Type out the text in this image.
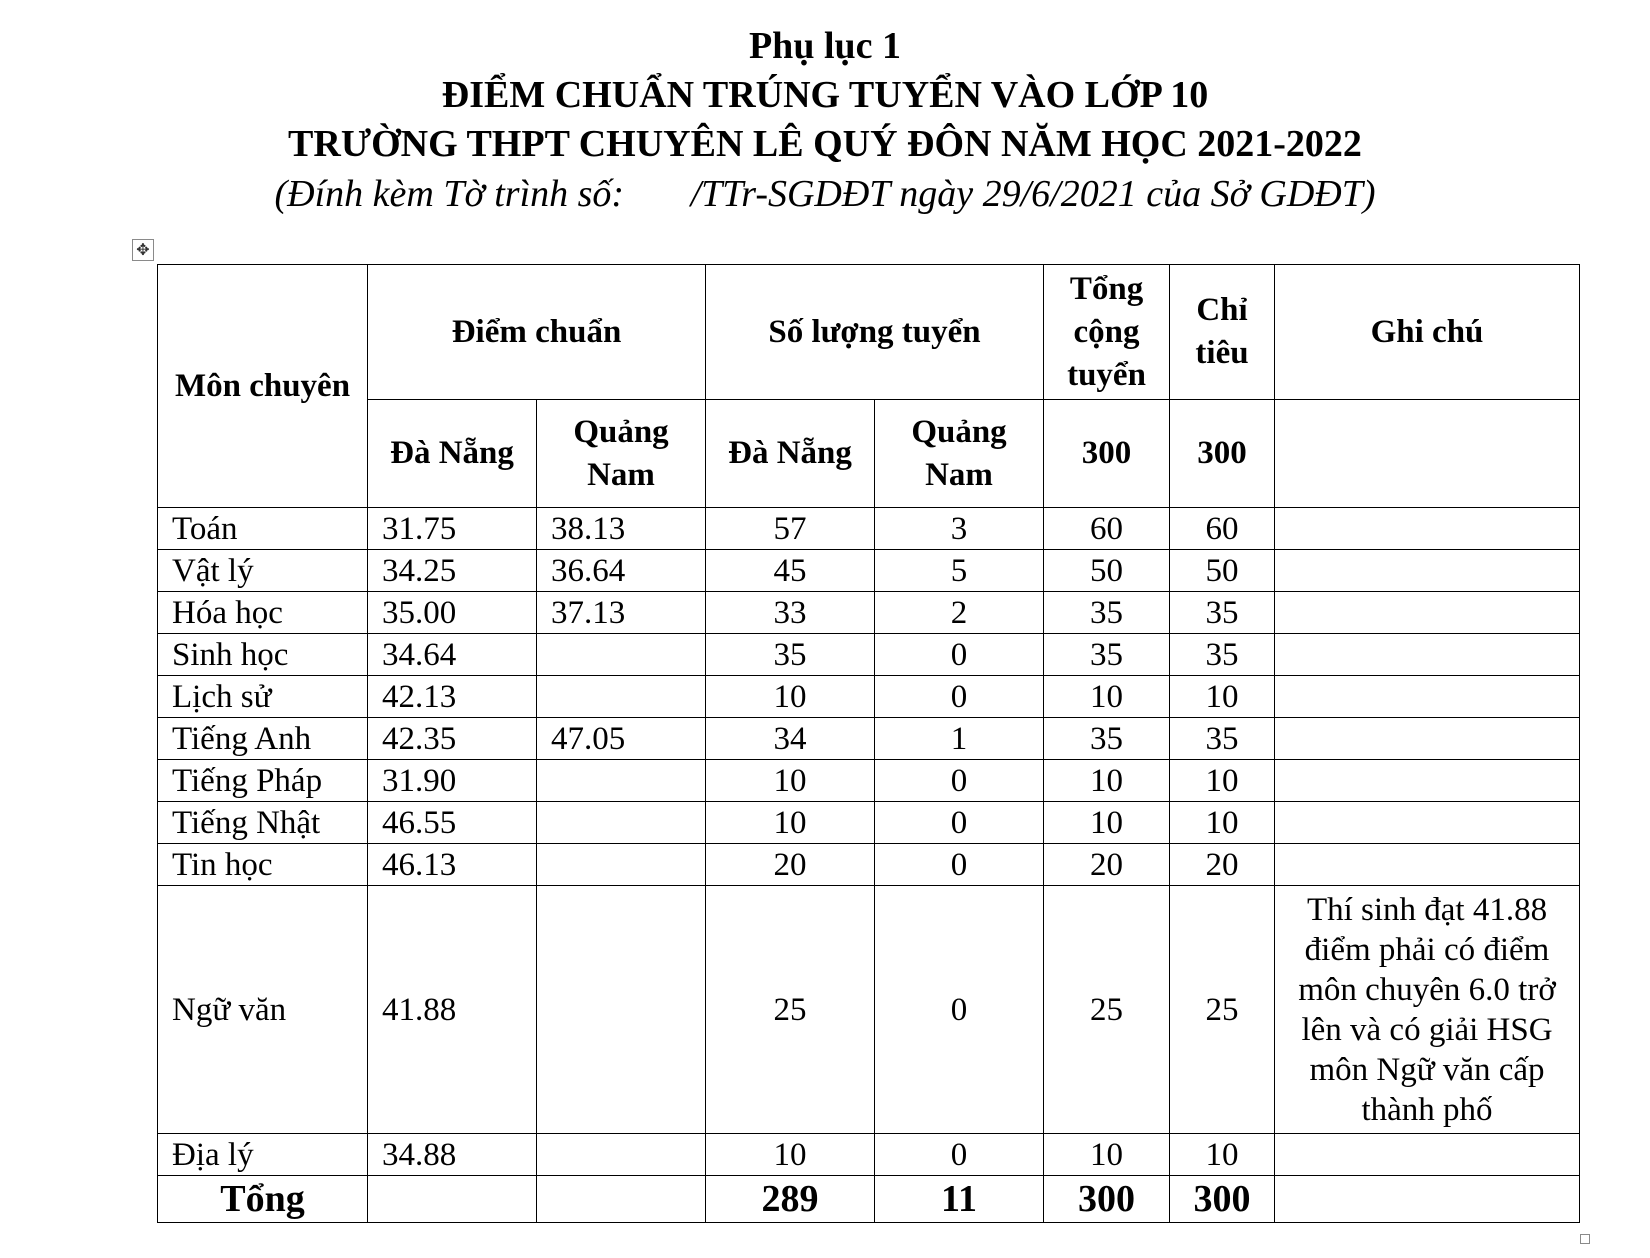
Phụ lục 1
ĐIỂM CHUẨN TRÚNG TUYỂN VÀO LỚP 10
TRƯỜNG THPT CHUYÊN LÊ QUÝ ĐÔN NĂM HỌC 2021-2022
(Đính kèm Tờ trình số:       /TTr-SGDĐT ngày 29/6/2021 của Sở GDĐT)
✥
Môn chuyên	Điểm chuẩn		Số lượng tuyển		Tổng cộng tuyển	Chỉ tiêu	Ghi chú
	Đà Nẵng	Quảng Nam	Đà Nẵng	Quảng Nam	300	300	
Toán	31.75	38.13	57	3	60	60	
Vật lý	34.25	36.64	45	5	50	50	
Hóa học	35.00	37.13	33	2	35	35	
Sinh học	34.64		35	0	35	35	
Lịch sử	42.13		10	0	10	10	
Tiếng Anh	42.35	47.05	34	1	35	35	
Tiếng Pháp	31.90		10	0	10	10	
Tiếng Nhật	46.55		10	0	10	10	
Tin học	46.13		20	0	20	20	
Ngữ văn	41.88		25	0	25	25	Thí sinh đạt 41.88 điểm phải có điểm môn chuyên 6.0 trở lên và có giải HSG môn Ngữ văn cấp thành phố
Địa lý	34.88		10	0	10	10	
Tổng			289	11	300	300	
